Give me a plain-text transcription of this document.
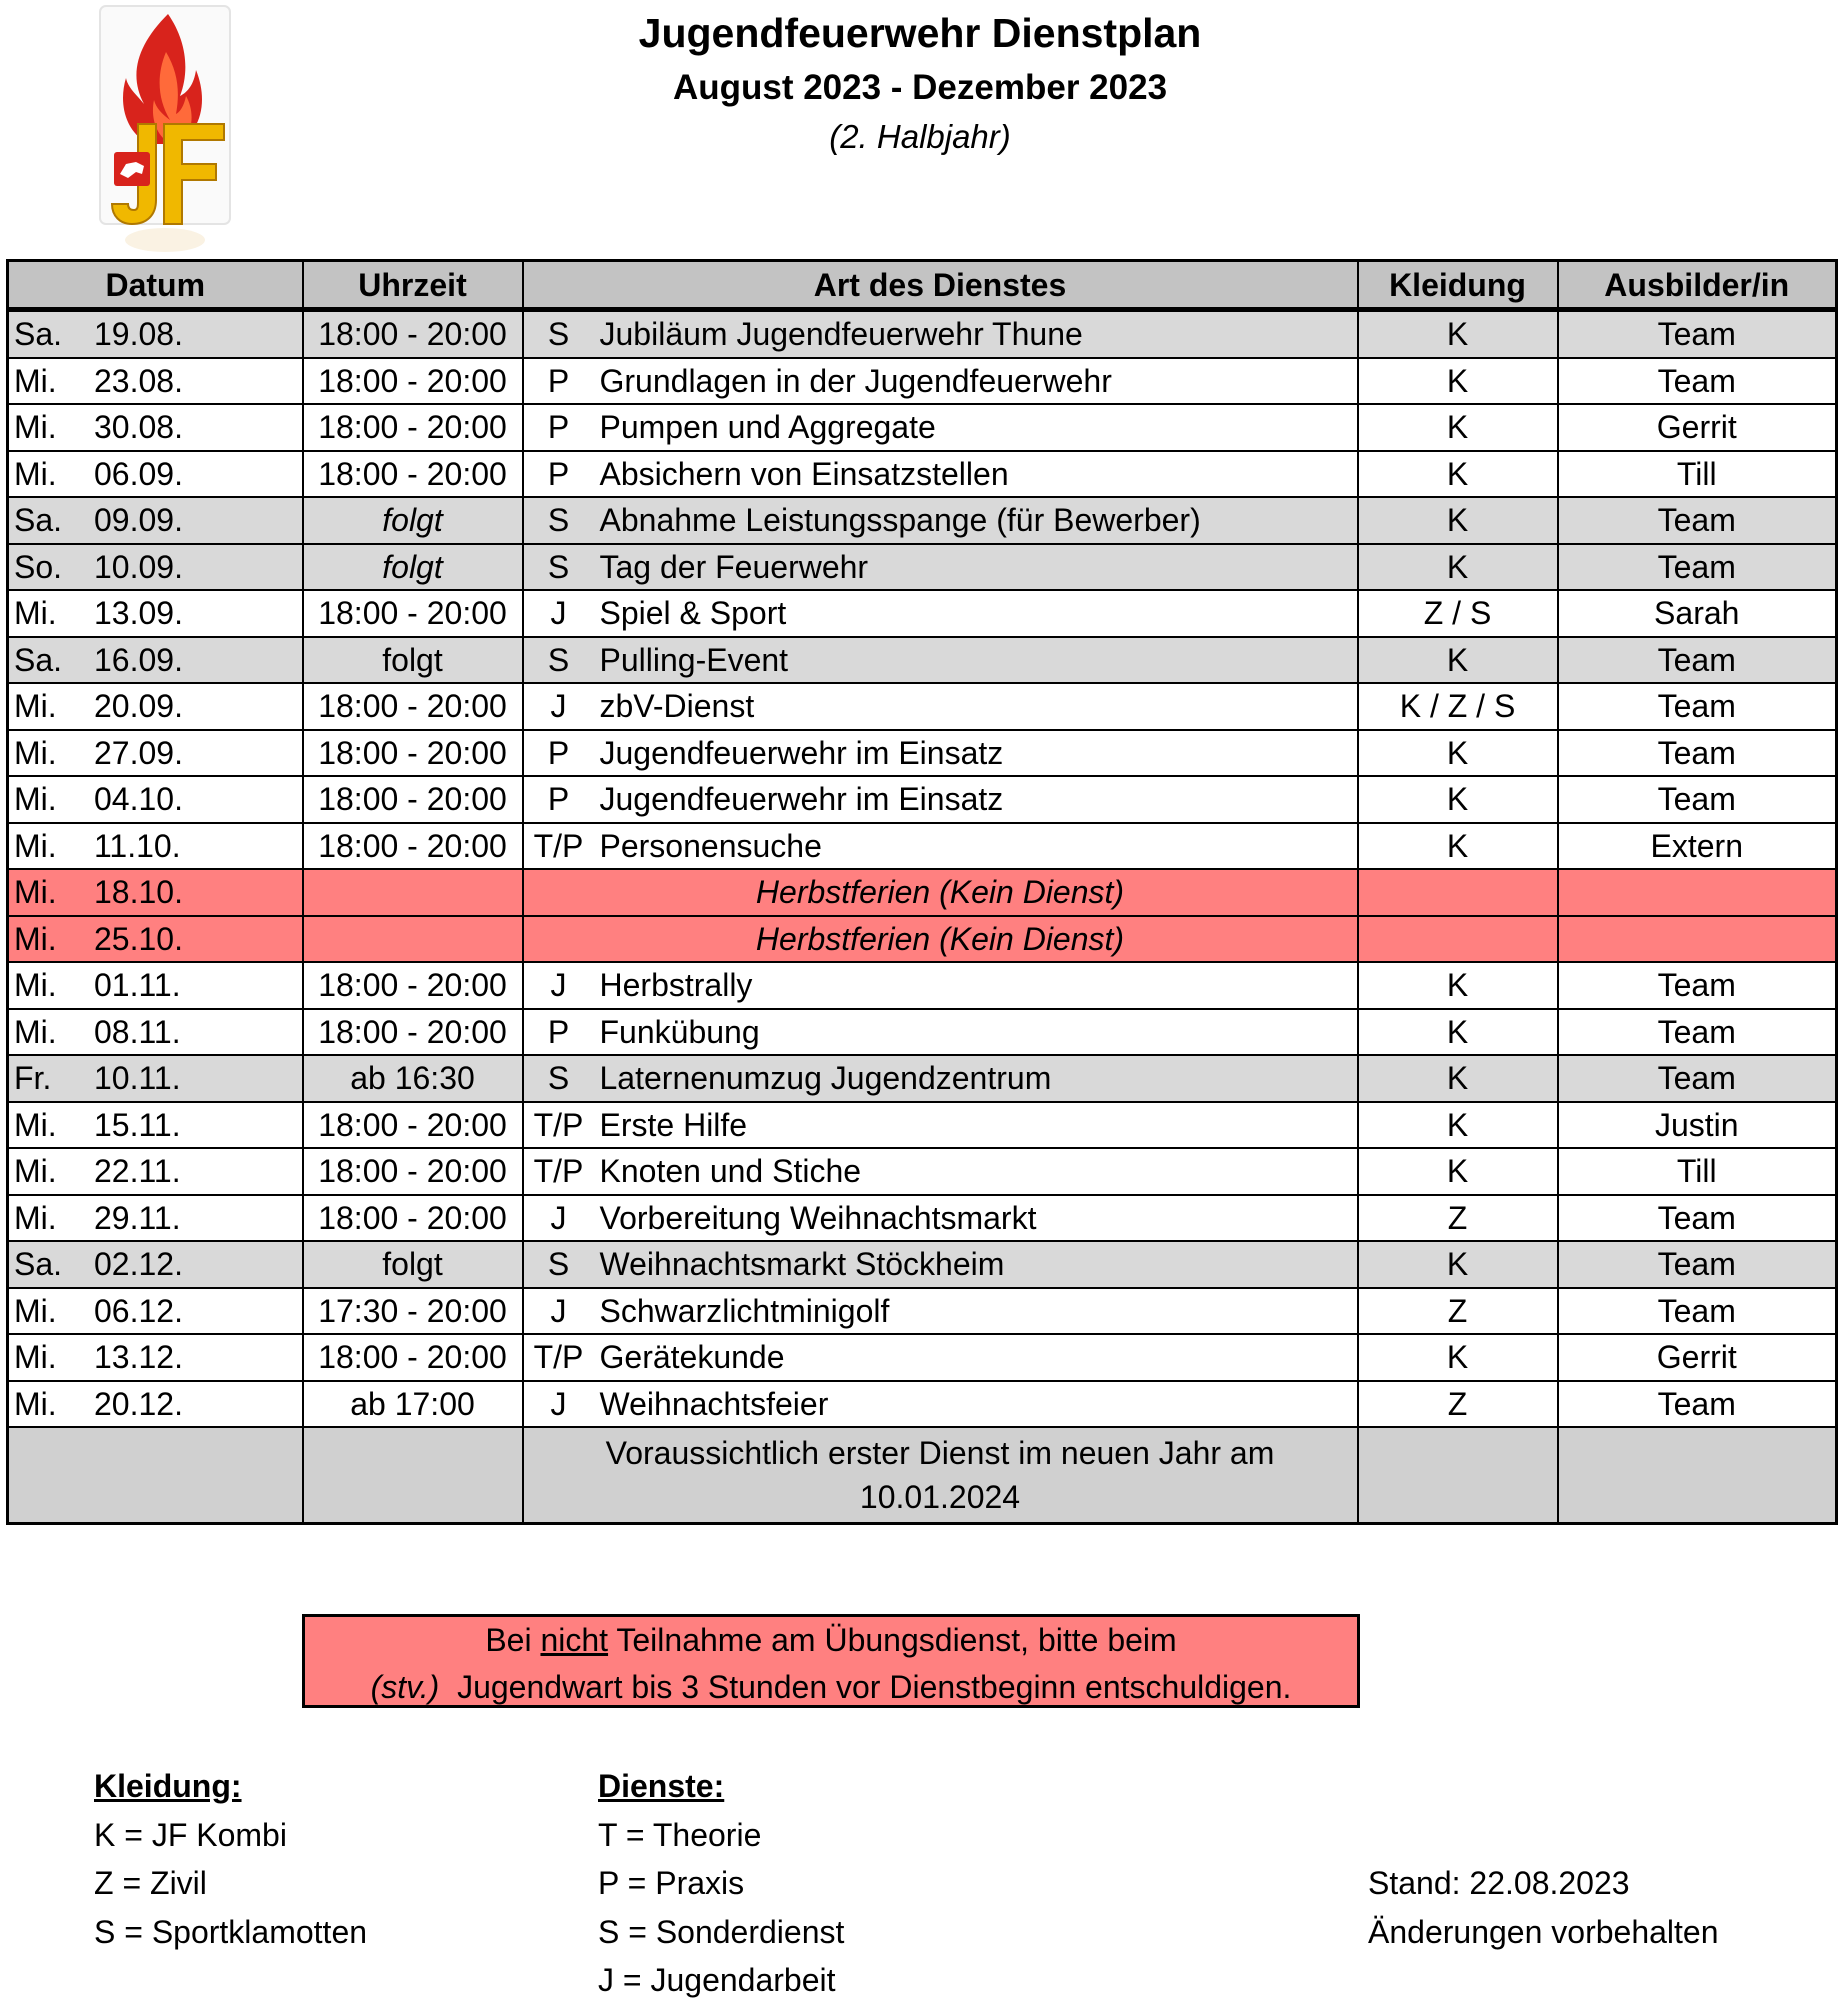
Jugendfeuerwehr Dienstplan
August 2023 - Dezember 2023
(2. Halbjahr)
Datum	Uhrzeit	Art des Dienstes	Kleidung	Ausbilder/in

Sa. 19.08.	18:00 - 20:00	S Jubiläum Jugendfeuerwehr Thune	K	Team

Mi. 23.08.	18:00 - 20:00	P Grundlagen in der Jugendfeuerwehr	K	Team

Mi. 30.08.	18:00 - 20:00	P Pumpen und Aggregate	K	Gerrit

Mi. 06.09.	18:00 - 20:00	P Absichern von Einsatzstellen	K	Till

Sa. 09.09.	folgt	S Abnahme Leistungsspange (für Bewerber)	K	Team

So. 10.09.	folgt	S Tag der Feuerwehr	K	Team

Mi. 13.09.	18:00 - 20:00	J Spiel & Sport	Z / S	Sarah

Sa. 16.09.	folgt	S Pulling-Event	K	Team

Mi. 20.09.	18:00 - 20:00	J zbV-Dienst	K / Z / S	Team

Mi. 27.09.	18:00 - 20:00	P Jugendfeuerwehr im Einsatz	K	Team

Mi. 04.10.	18:00 - 20:00	P Jugendfeuerwehr im Einsatz	K	Team

Mi. 11.10.	18:00 - 20:00	T/P Personensuche	K	Extern

Mi. 18.10.		Herbstferien (Kein Dienst)		

Mi. 25.10.		Herbstferien (Kein Dienst)		

Mi. 01.11.	18:00 - 20:00	J Herbstrally	K	Team

Mi. 08.11.	18:00 - 20:00	P Funkübung	K	Team

Fr. 10.11.	ab 16:30	S Laternenumzug Jugendzentrum	K	Team

Mi. 15.11.	18:00 - 20:00	T/P Erste Hilfe	K	Justin

Mi. 22.11.	18:00 - 20:00	T/P Knoten und Stiche	K	Till

Mi. 29.11.	18:00 - 20:00	J Vorbereitung Weihnachtsmarkt	Z	Team

Sa. 02.12.	folgt	S Weihnachtsmarkt Stöckheim	K	Team

Mi. 06.12.	17:30 - 20:00	J Schwarzlichtminigolf	Z	Team

Mi. 13.12.	18:00 - 20:00	T/P Gerätekunde	K	Gerrit

Mi. 20.12.	ab 17:00	J Weihnachtsfeier	Z	Team
		Voraussichtlich erster Dienst im neuen Jahr am
10.01.2024		
Bei nicht Teilnahme am Übungsdienst, bitte beim
(stv.)  Jugendwart bis 3 Stunden vor Dienstbeginn entschuldigen.
Kleidung:
K = JF Kombi
Z = Zivil
S = Sportklamotten
Dienste:
T = Theorie
P = Praxis
S = Sonderdienst
J = Jugendarbeit
Stand: 22.08.2023
Änderungen vorbehalten
